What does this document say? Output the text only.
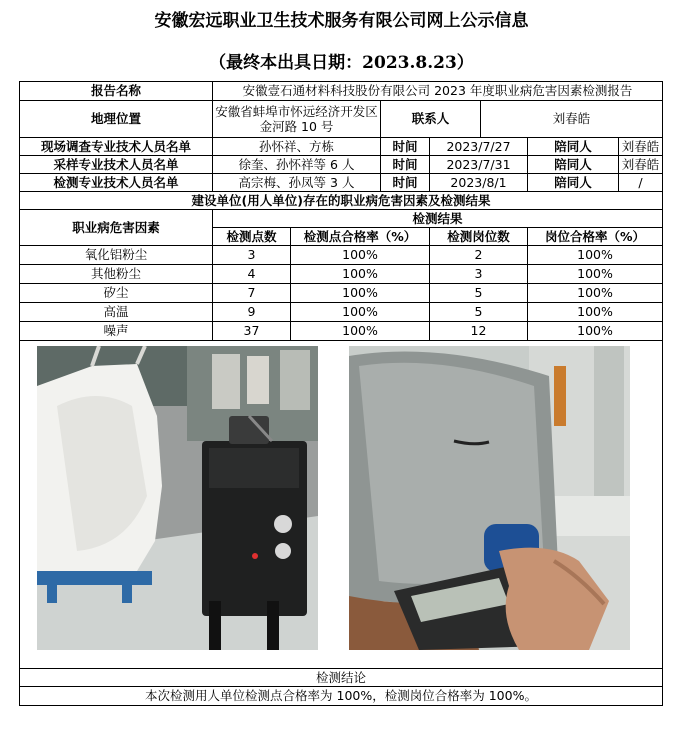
安徽宏远职业卫生技术服务有限公司网上公示信息
（最终本出具日期：2023.8.23）
报告名称	安徽壹石通材料科技股份有限公司 2023 年度职业病危害因素检测报告						
地理位置	安徽省蚌埠市怀远经济开发区金河路 10 号		联系人		刘春皓		
现场调查专业技术人员名单	孙怀祥、方栋		时间	2023/7/27		陪同人	刘春皓
采样专业技术人员名单	徐奎、孙怀祥等 6 人		时间	2023/7/31		陪同人	刘春皓
检测专业技术人员名单	高宗梅、孙凤等 3 人		时间	2023/8/1		陪同人	/
建设单位(用人单位)存在的职业病危害因素及检测结果							
职业病危害因素	检测结果						
	检测点数	检测点合格率（%）		检测岗位数		岗位合格率（%）	
氧化铝粉尘	3	100%		2		100%	
其他粉尘	4	100%		3		100%	
矽尘	7	100%		5		100%	
高温	9	100%		5		100%	
噪声	37	100%		12		100%	

检测结论							
本次检测用人单位检测点合格率为 100%，检测岗位合格率为 100%。							
